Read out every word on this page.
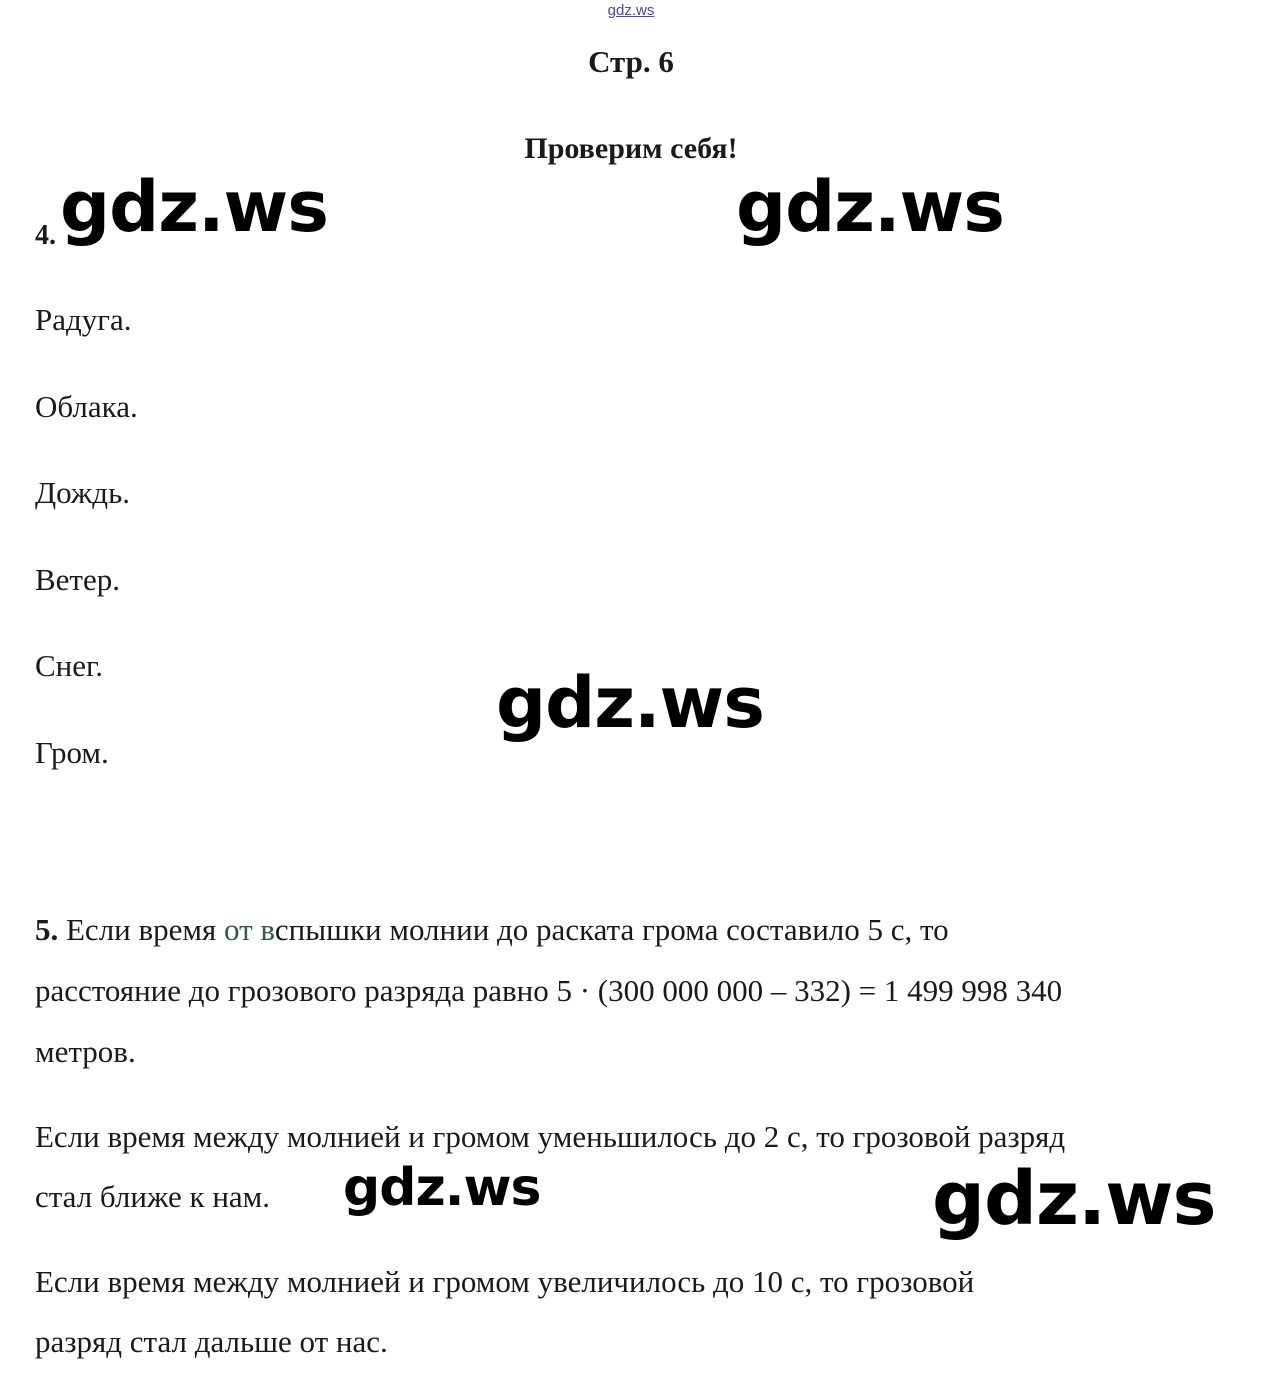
gdz.ws
Стр. 6
Проверим себя!
gdz.ws	gdz.ws
gdz.ws
gdz.ws	gdz.ws
4.
Радуга.
Облака.
Дождь.
Ветер.
Снег.
Гром.
5. Если время от вспышки молнии до раската грома составило 5 с, то
расстояние до грозового разряда равно 5 · (300 000 000 – 332) = 1 499 998 340
метров.
Если время между молнией и громом уменьшилось до 2 с, то грозовой разряд
стал ближе к нам.
Если время между молнией и громом увеличилось до 10 с, то грозовой
разряд стал дальше от нас.
